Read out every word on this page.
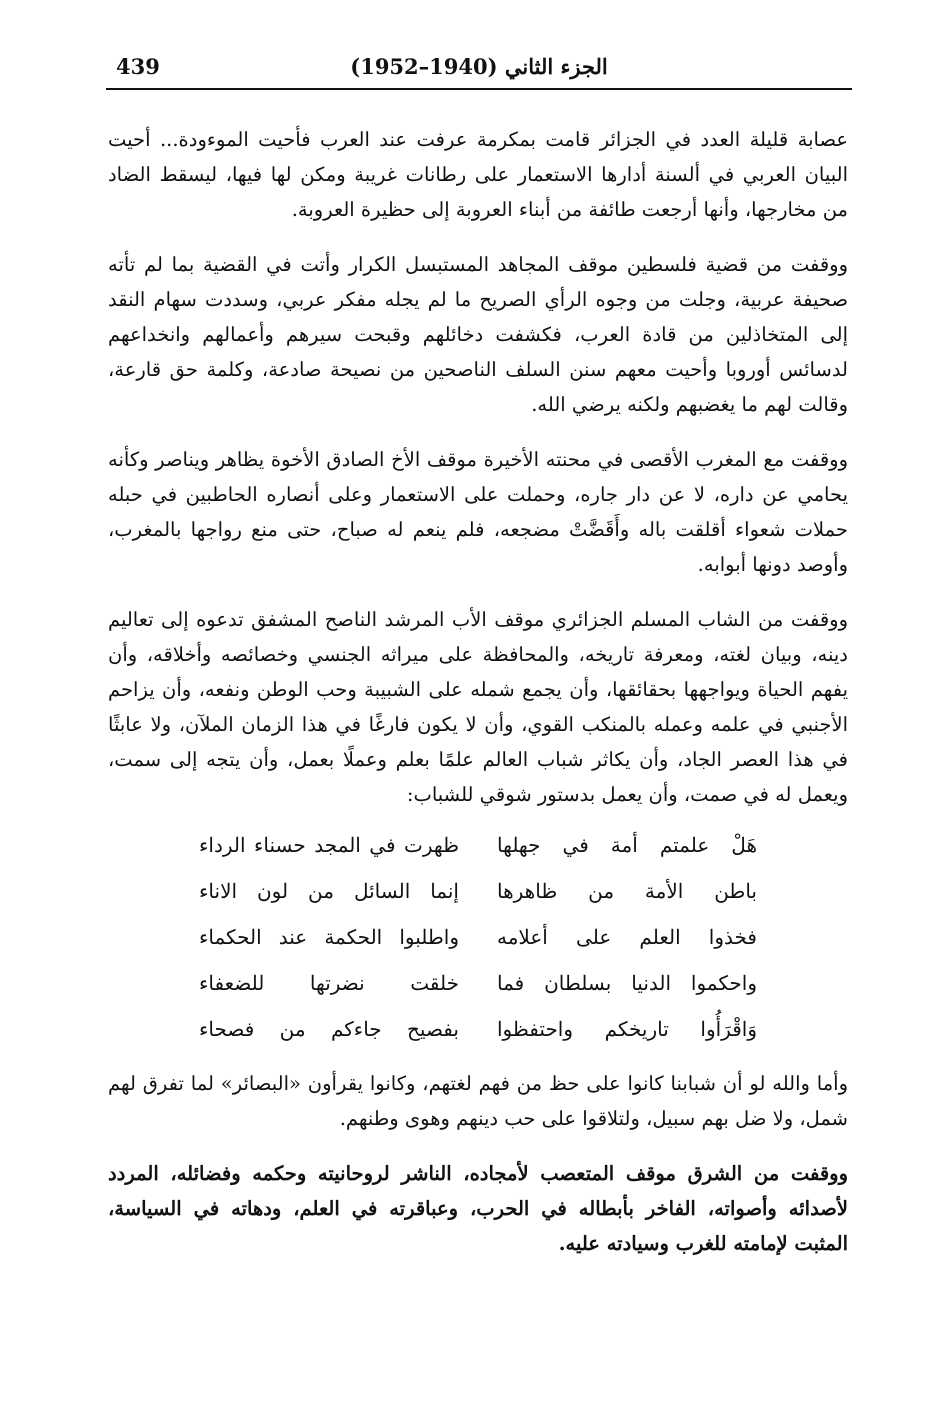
439	الجزء الثاني (1940–1952)

عصابة قليلة العدد في الجزائر قامت بمكرمة عرفت عند العرب فأحيت الموءودة... أحيت البيان العربي في ألسنة أدارها الاستعمار على رطانات غريبة ومكن لها فيها، ليسقط الضاد من مخارجها، وأنها أرجعت طائفة من أبناء العروبة إلى حظيرة العروبة.

ووقفت من قضية فلسطين موقف المجاهد المستبسل الكرار وأتت في القضية بما لم تأته صحيفة عربية، وجلت من وجوه الرأي الصريح ما لم يجله مفكر عربي، وسددت سهام النقد إلى المتخاذلين من قادة العرب، فكشفت دخائلهم وقبحت سيرهم وأعمالهم وانخداعهم لدسائس أوروبا وأحيت معهم سنن السلف الناصحين من نصيحة صادعة، وكلمة حق قارعة، وقالت لهم ما يغضبهم ولكنه يرضي الله.

ووقفت مع المغرب الأقصى في محنته الأخيرة موقف الأخ الصادق الأخوة يظاهر ويناصر وكأنه يحامي عن داره، لا عن دار جاره، وحملت على الاستعمار وعلى أنصاره الحاطبين في حبله حملات شعواء أقلقت باله وأَقَضَّتْ مضجعه، فلم ينعم له صباح، حتى منع رواجها بالمغرب، وأوصد دونها أبوابه.

ووقفت من الشاب المسلم الجزائري موقف الأب المرشد الناصح المشفق تدعوه إلى تعاليم دينه، وبيان لغته، ومعرفة تاريخه، والمحافظة على ميراثه الجنسي وخصائصه وأخلاقه، وأن يفهم الحياة ويواجهها بحقائقها، وأن يجمع شمله على الشبيبة وحب الوطن ونفعه، وأن يزاحم الأجنبي في علمه وعمله بالمنكب القوي، وأن لا يكون فارغًا في هذا الزمان الملآن، ولا عابثًا في هذا العصر الجاد، وأن يكاثر شباب العالم علمًا بعلم وعملًا بعمل، وأن يتجه إلى سمت، ويعمل له في صمت، وأن يعمل بدستور شوقي للشباب:

هَلْ علمتم أمة في جهلها
ظهرت في المجد حسناء الرداء
باطن الأمة من ظاهرها
إنما السائل من لون الاناء
فخذوا العلم على أعلامه
واطلبوا الحكمة عند الحكماء
واحكموا الدنيا بسلطان فما
خلقت نضرتها للضعفاء
وَاقْرَأُوا تاريخكم واحتفظوا
بفصيح جاءكم من فصحاء

وأما والله لو أن شبابنا كانوا على حظ من فهم لغتهم، وكانوا يقرأون «البصائر» لما تفرق لهم شمل، ولا ضل بهم سبيل، ولتلاقوا على حب دينهم وهوى وطنهم.

ووقفت من الشرق موقف المتعصب لأمجاده، الناشر لروحانيته وحكمه وفضائله، المردد لأصدائه وأصواته، الفاخر بأبطاله في الحرب، وعباقرته في العلم، ودهاته في السياسة، المثبت لإمامته للغرب وسيادته عليه.
